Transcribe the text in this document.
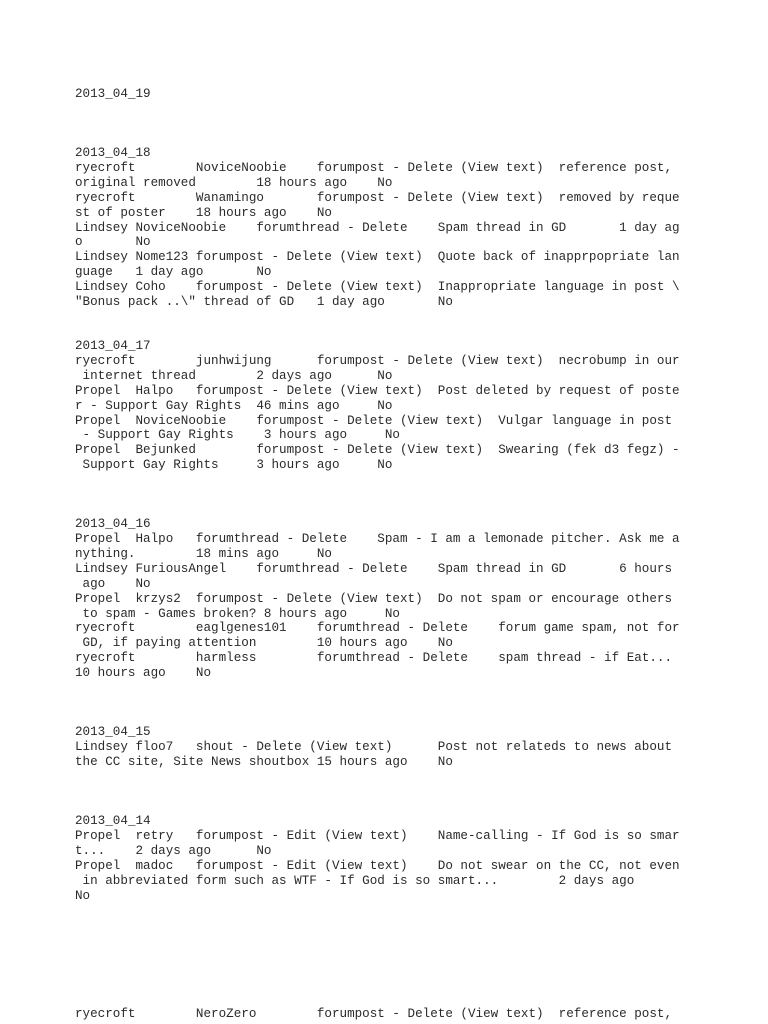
2013_04_19

2013_04_18
ryecroft        NoviceNoobie    forumpost - Delete (View text)  reference post,
original removed        18 hours ago    No
ryecroft        Wanamingo       forumpost - Delete (View text)  removed by reque
st of poster    18 hours ago    No
Lindsey NoviceNoobie    forumthread - Delete    Spam thread in GD       1 day ag
o       No
Lindsey Nome123 forumpost - Delete (View text)  Quote back of inapprpopriate lan
guage   1 day ago       No
Lindsey Coho    forumpost - Delete (View text)  Inappropriate language in post \
"Bonus pack ..\" thread of GD   1 day ago       No

2013_04_17
ryecroft        junhwijung      forumpost - Delete (View text)  necrobump in our
internet thread        2 days ago      No
Propel  Halpo   forumpost - Delete (View text)  Post deleted by request of poste
r - Support Gay Rights  46 mins ago     No
Propel  NoviceNoobie    forumpost - Delete (View text)  Vulgar language in post
- Support Gay Rights    3 hours ago     No
Propel  Bejunked        forumpost - Delete (View text)  Swearing (fek d3 fegz) -
Support Gay Rights     3 hours ago     No

2013_04_16
Propel  Halpo   forumthread - Delete    Spam - I am a lemonade pitcher. Ask me a
nything.        18 mins ago     No
Lindsey FuriousAngel    forumthread - Delete    Spam thread in GD       6 hours
ago    No
Propel  krzys2  forumpost - Delete (View text)  Do not spam or encourage others
to spam - Games broken? 8 hours ago     No
ryecroft        eaglgenes101    forumthread - Delete    forum game spam, not for
GD, if paying attention        10 hours ago    No
ryecroft        harmless        forumthread - Delete    spam thread - if Eat...
10 hours ago    No

2013_04_15
Lindsey floo7   shout - Delete (View text)      Post not relateds to news about
the CC site, Site News shoutbox 15 hours ago    No

2013_04_14
Propel  retry   forumpost - Edit (View text)    Name-calling - If God is so smar
t...    2 days ago      No
Propel  madoc   forumpost - Edit (View text)    Do not swear on the CC, not even
in abbreviated form such as WTF - If God is so smart...        2 days ago
No

ryecroft        NeroZero        forumpost - Delete (View text)  reference post,
